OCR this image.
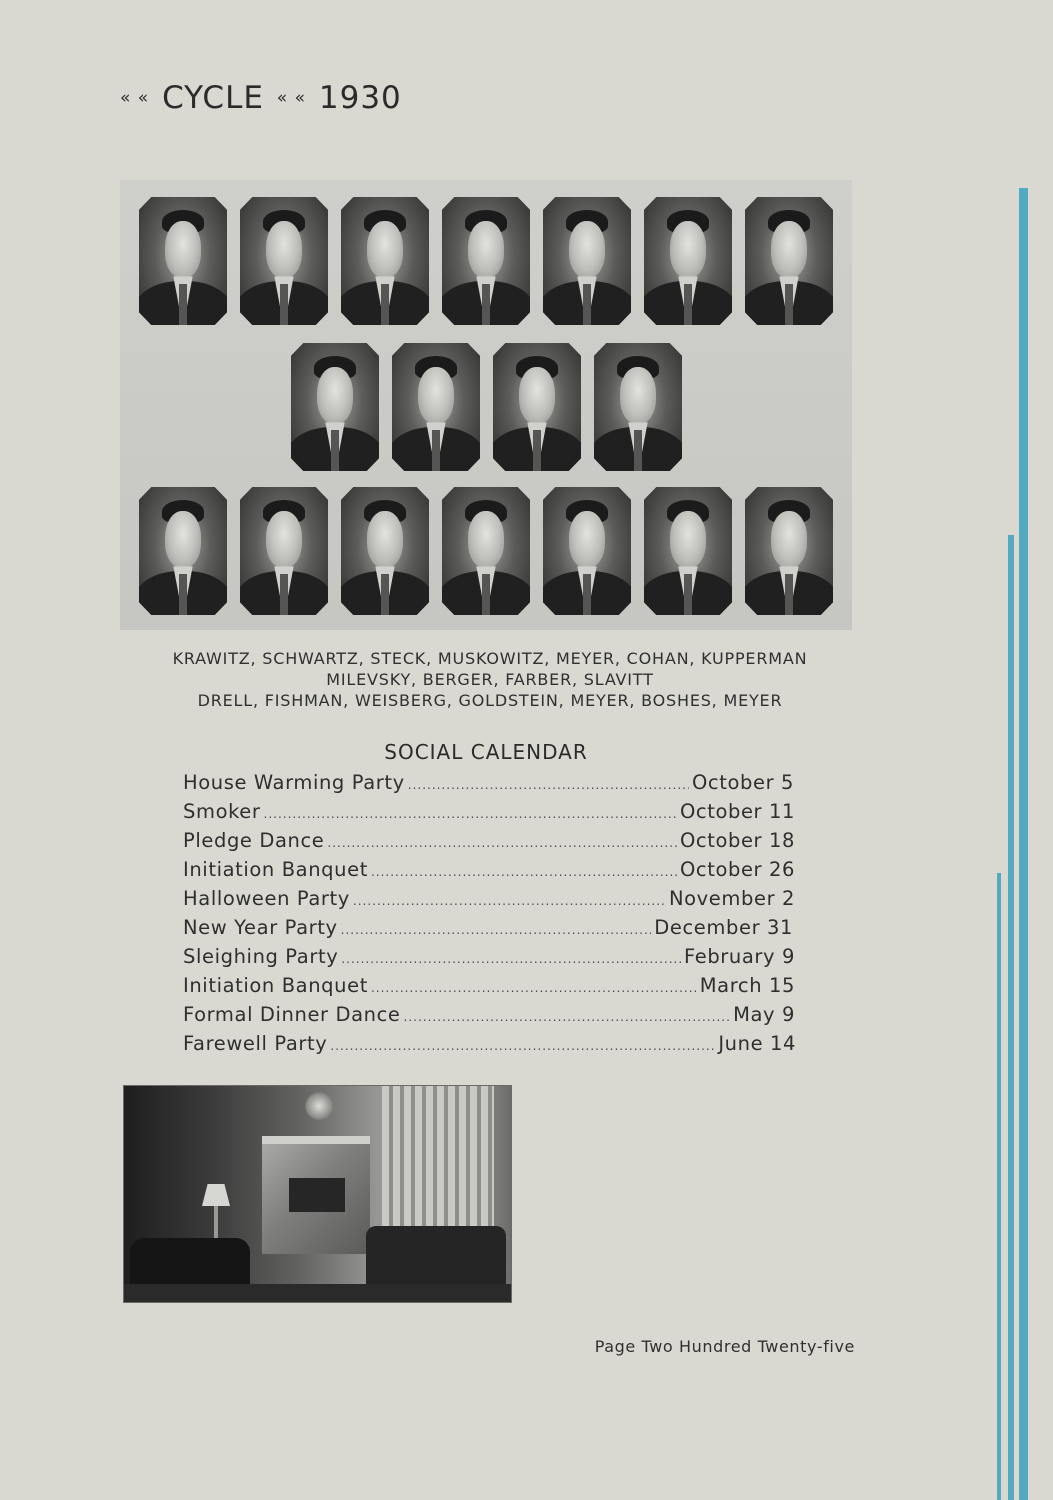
« « CYCLE « « 1930
KRAWITZ, SCHWARTZ, STECK, MUSKOWITZ, MEYER, COHAN, KUPPERMAN
MILEVSKY, BERGER, FARBER, SLAVITT
DRELL, FISHMAN, WEISBERG, GOLDSTEIN, MEYER, BOSHES, MEYER
SOCIAL CALENDAR
House Warming Party .....	October 5
Smoker .....	October 11
Pledge Dance .....	October 18
Initiation Banquet .....	October 26
Halloween Party .....	November 2
New Year Party .....	December 31
Sleighing Party .....	February 9
Initiation Banquet .....	March 15
Formal Dinner Dance .....	May 9
Farewell Party .....	June 14
Page Two Hundred Twenty-five
